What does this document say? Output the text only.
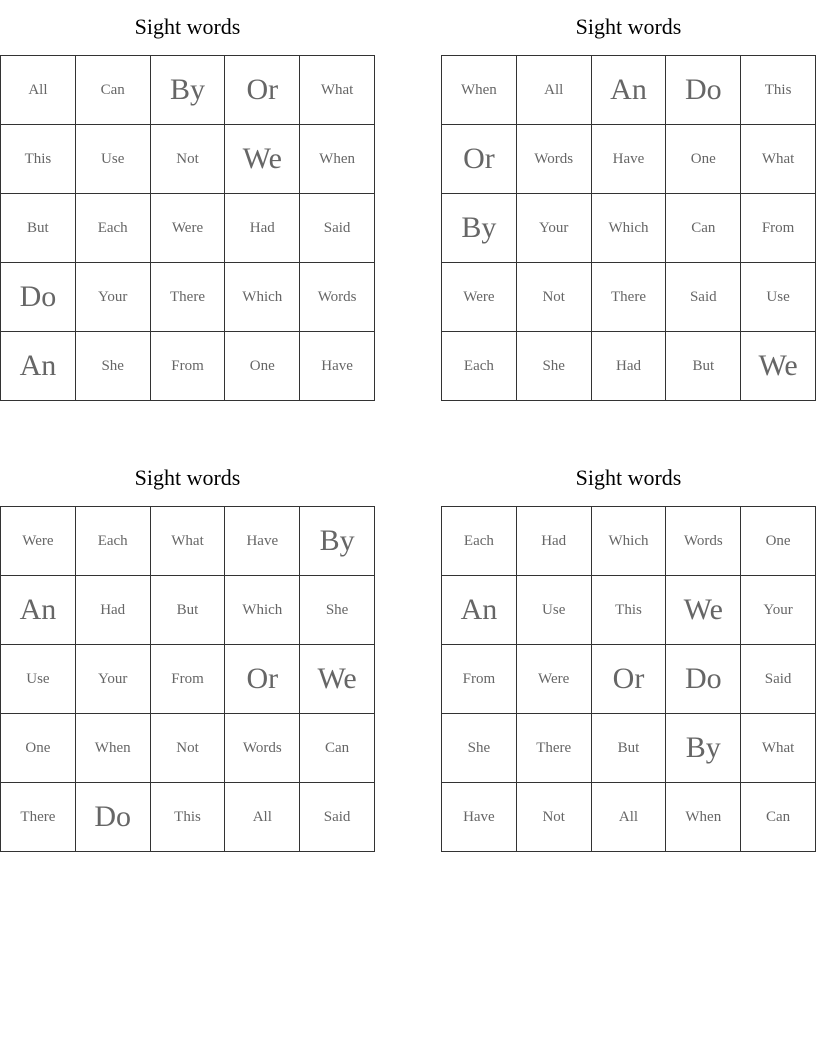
Sight words
All	Can	By	Or	What
This	Use	Not	We	When
But	Each	Were	Had	Said
Do	Your	There	Which	Words
An	She	From	One	Have
Sight words
When	All	An	Do	This
Or	Words	Have	One	What
By	Your	Which	Can	From
Were	Not	There	Said	Use
Each	She	Had	But	We
Sight words
Were	Each	What	Have	By
An	Had	But	Which	She
Use	Your	From	Or	We
One	When	Not	Words	Can
There	Do	This	All	Said
Sight words
Each	Had	Which	Words	One
An	Use	This	We	Your
From	Were	Or	Do	Said
She	There	But	By	What
Have	Not	All	When	Can
